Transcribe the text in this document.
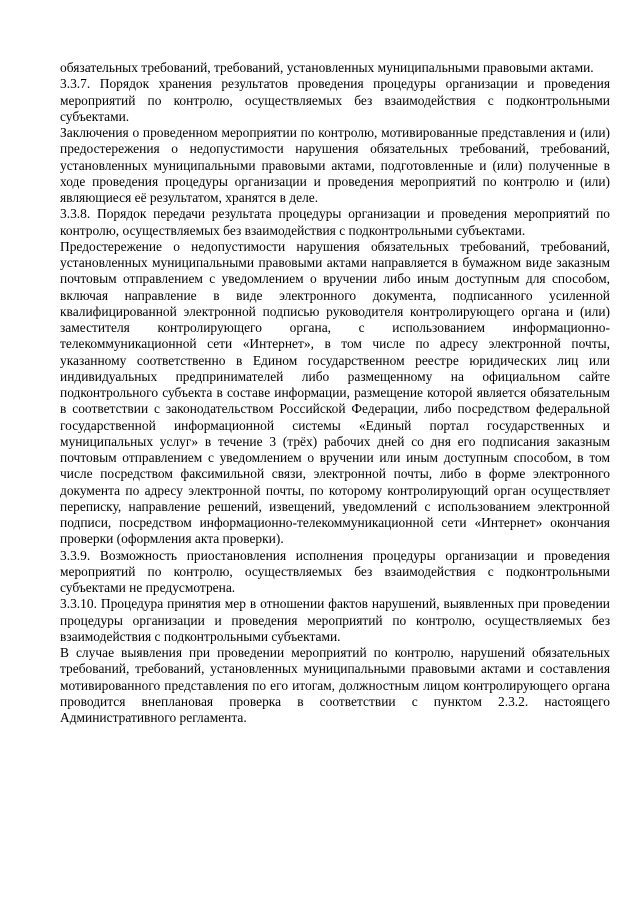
обязательных требований, требований, установленных муниципальными правовыми актами.

3.3.7. Порядок хранения результатов проведения процедуры организации и проведения мероприятий по контролю, осуществляемых без взаимодействия с подконтрольными субъектами.

Заключения о проведенном мероприятии по контролю, мотивированные представления и (или) предостережения о недопустимости нарушения обязательных требований, требований, установленных муниципальными правовыми актами, подготовленные и (или) полученные в ходе проведения процедуры организации и проведения мероприятий по контролю и (или) являющиеся её результатом, хранятся в деле.

3.3.8. Порядок передачи результата процедуры организации и проведения мероприятий по контролю, осуществляемых без взаимодействия с подконтрольными субъектами.

Предостережение о недопустимости нарушения обязательных требований, требований, установленных муниципальными правовыми актами направляется в бумажном виде заказным почтовым отправлением с уведомлением о вручении либо иным доступным для способом, включая направление в виде электронного документа, подписанного усиленной квалифицированной электронной подписью руководителя контролирующего органа и (или) заместителя контролирующего органа, с использованием информационно-телекоммуникационной сети «Интернет», в том числе по адресу электронной почты, указанному соответственно в Едином государственном реестре юридических лиц или индивидуальных предпринимателей либо размещенному на официальном сайте подконтрольного субъекта в составе информации, размещение которой является обязательным в соответствии с законодательством Российской Федерации, либо посредством федеральной государственной информационной системы «Единый портал государственных и муниципальных услуг» в течение 3 (трёх) рабочих дней со дня его подписания заказным почтовым отправлением с уведомлением о вручении или иным доступным способом, в том числе посредством факсимильной связи, электронной почты, либо в форме электронного документа по адресу электронной почты, по которому контролирующий орган осуществляет переписку, направление решений, извещений, уведомлений с использованием электронной подписи, посредством информационно-телекоммуникационной сети «Интернет» окончания проверки (оформления акта проверки).

3.3.9. Возможность приостановления исполнения процедуры организации и проведения мероприятий по контролю, осуществляемых без взаимодействия с подконтрольными субъектами не предусмотрена.

3.3.10. Процедура принятия мер в отношении фактов нарушений, выявленных при проведении процедуры организации и проведения мероприятий по контролю, осуществляемых без взаимодействия с подконтрольными субъектами.

В случае выявления при проведении мероприятий по контролю, нарушений обязательных требований, требований, установленных муниципальными правовыми актами и составления мотивированного представления по его итогам, должностным лицом контролирующего органа проводится внеплановая проверка в соответствии с пунктом 2.3.2. настоящего Административного регламента.
